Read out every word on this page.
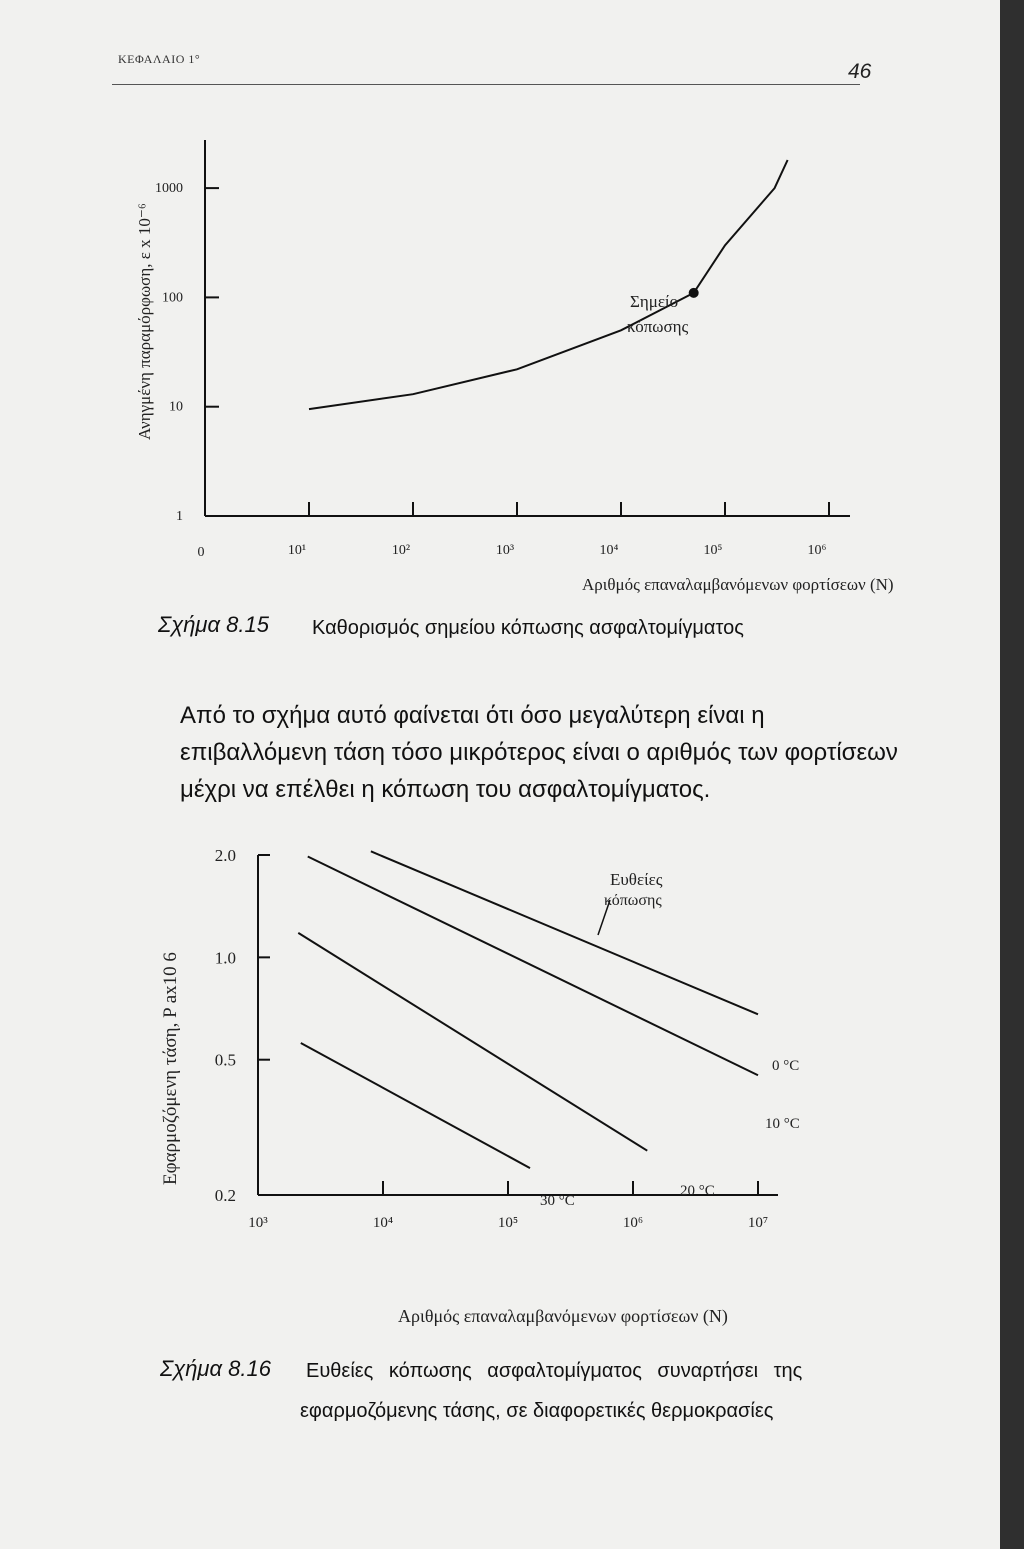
ΚΕΦΑΛΑΙΟ 1°
46
1
10
100
1000
0	10¹	10²	10³	10⁴	10⁵	10⁶
Σημείο
κόπωσης
Αριθμός επαναλαμβανόμενων φορτίσεων (N)
Ανηγμένη παραμόρφωση, ε x 10⁻⁶
Σχήμα 8.15 Καθορισμός σημείου κόπωσης ασφαλτομίγματος
Από το σχήμα αυτό φαίνεται ότι όσο μεγαλύτερη είναι η επιβαλλόμενη τάση τόσο μικρότερος είναι ο αριθμός των φορτίσεων μέχρι να επέλθει η κόπωση του ασφαλτομίγματος.
0.2
0.5
1.0
2.0
10³	10⁴	10⁵	10⁶	10⁷
0 °C
10 °C
20 °C
30 °C
Ευθείες
κόπωσης
Αριθμός επαναλαμβανόμενων φορτίσεων (N)
Εφαρμοζόμενη τάση, P ax10 6
Σχήμα 8.16 Ευθείες κόπωσης ασφαλτομίγματος συναρτήσει της
εφαρμοζόμενης τάσης, σε διαφορετικές θερμοκρασίες
